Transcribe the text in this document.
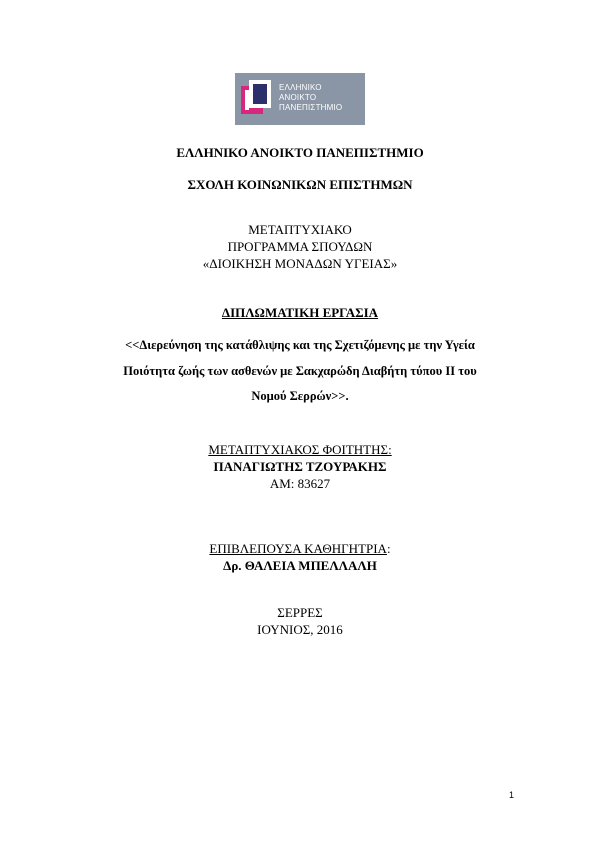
ΕΛΛΗΝΙΚΟ
ΑΝΟΙΚΤΟ
ΠΑΝΕΠΙΣΤΗΜΙΟ
ΕΛΛΗΝΙΚΟ ΑΝΟΙΚΤΟ ΠΑΝΕΠΙΣΤΗΜΙΟ
ΣΧΟΛΗ ΚΟΙΝΩΝΙΚΩΝ ΕΠΙΣΤΗΜΩΝ
ΜΕΤΑΠΤΥΧΙΑΚΟ
ΠΡΟΓΡΑΜΜΑ ΣΠΟΥΔΩΝ
«ΔΙΟΙΚΗΣΗ ΜΟΝΑΔΩΝ ΥΓΕΙΑΣ»
ΔΙΠΛΩΜΑΤΙΚΗ ΕΡΓΑΣΙΑ
<<Διερεύνηση της κατάθλιψης και της Σχετιζόμενης με την Υγεία
Ποιότητα ζωής των ασθενών με Σακχαρώδη Διαβήτη τύπου ΙΙ του
Νομού Σερρών>>.
ΜΕΤΑΠΤΥΧΙΑΚΟΣ ΦΟΙΤΗΤΗΣ:
ΠΑΝΑΓΙΩΤΗΣ ΤΖΟΥΡΑΚΗΣ
ΑΜ: 83627
ΕΠΙΒΛΕΠΟΥΣΑ ΚΑΘΗΓΗΤΡΙΑ:
Δρ. ΘΑΛΕΙΑ ΜΠΕΛΛΑΛΗ
ΣΕΡΡΕΣ
ΙΟΥΝΙΟΣ, 2016
1
